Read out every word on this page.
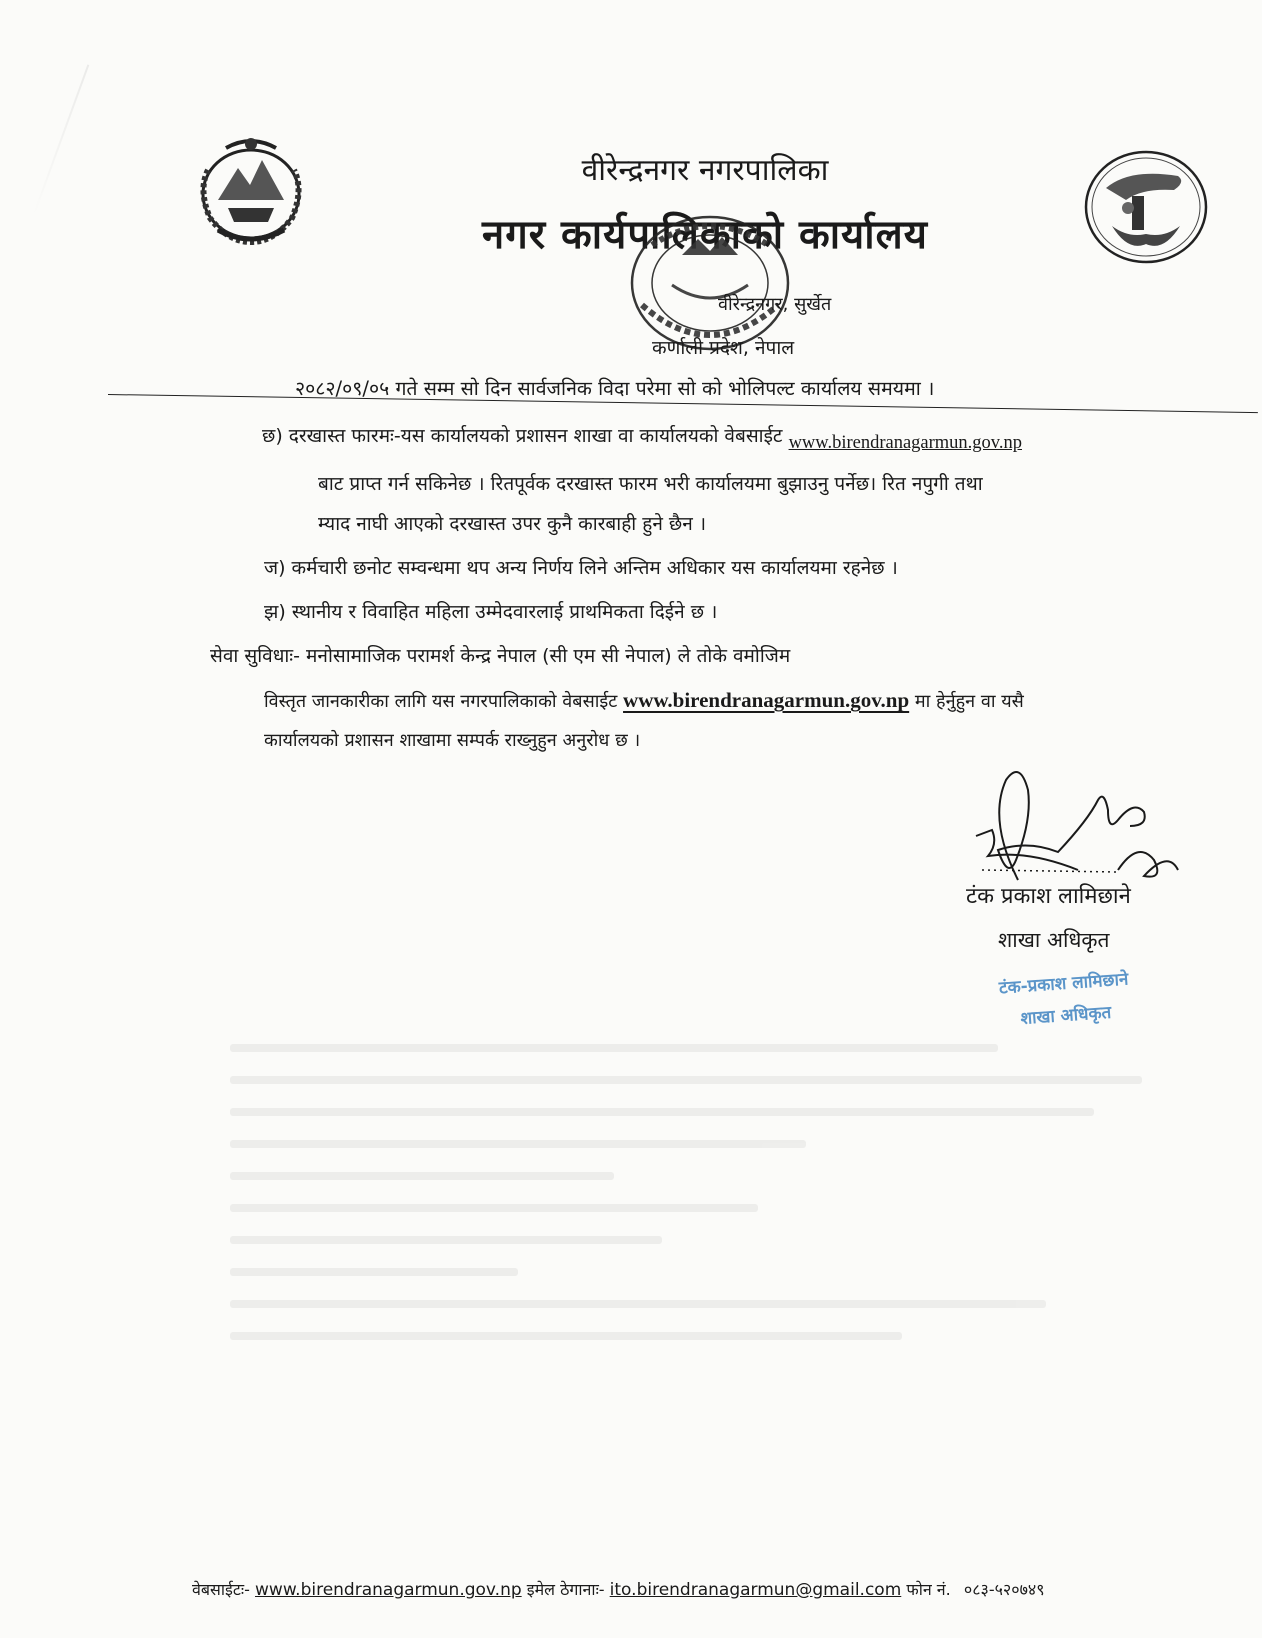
वीरेन्द्रनगर नगरपालिका
नगर कार्यपालिकाको कार्यालय
वीरेन्द्रनगर, सुर्खेत
कर्णाली प्रदेश, नेपाल
२०८२/०९/०५ गते सम्म सो दिन सार्वजनिक विदा परेमा सो को भोलिपल्ट कार्यालय समयमा ।
छ) दरखास्त फारमः-यस कार्यालयको प्रशासन शाखा वा कार्यालयको वेबसाईट www.birendranagarmun.gov.np
बाट प्राप्त गर्न सकिनेछ । रितपूर्वक दरखास्त फारम भरी कार्यालयमा बुझाउनु पर्नेछ। रित नपुगी तथा
म्याद नाघी आएको दरखास्त उपर कुनै कारबाही हुने छैन ।
ज) कर्मचारी छनोट सम्वन्धमा थप अन्य निर्णय लिने अन्तिम अधिकार यस कार्यालयमा रहनेछ ।
झ) स्थानीय र विवाहित महिला उम्मेदवारलाई प्राथमिकता दिईने छ ।
सेवा सुविधाः- मनोसामाजिक परामर्श केन्द्र नेपाल (सी एम सी नेपाल) ले तोके वमोजिम
विस्तृत जानकारीका लागि यस नगरपालिकाको वेबसाईट www.birendranagarmun.gov.np मा हेर्नुहुन वा यसै
कार्यालयको प्रशासन शाखामा सम्पर्क राख्नुहुन अनुरोध छ ।
टंक प्रकाश लामिछाने
शाखा अधिकृत
टंक-प्रकाश लामिछाने
शाखा अधिकृत
वेबसाईटः- www.birendranagarmun.gov.np इमेल ठेगानाः- ito.birendranagarmun@gmail.com फोन नं. ०८३-५२०७४९
